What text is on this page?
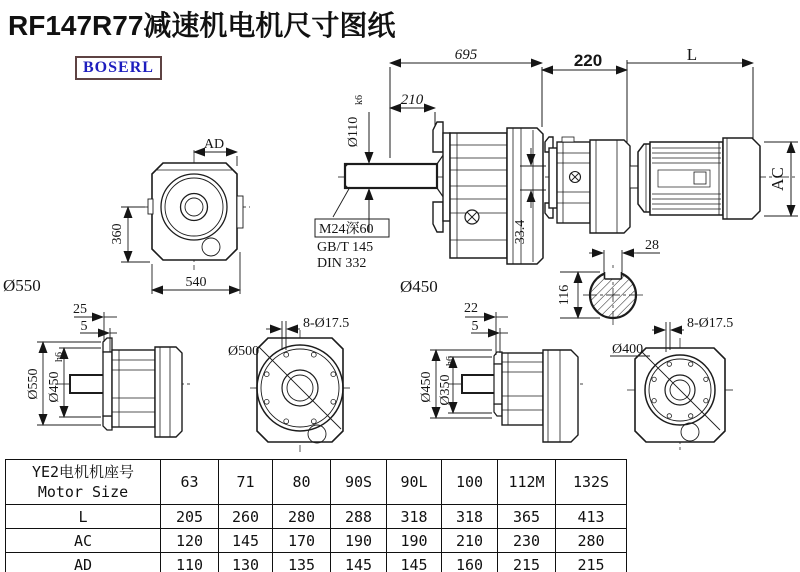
RF147R77减速机电机尺寸图纸
BOSERL
695	220	L
210
Ø110
k6
M24深60
GB/T 145
DIN 332
33.4
Ø450
28
116
AC
AD
360
540
Ø550
25
5
Ø550 Ø450
h6
8-Ø17.5
Ø500
22
5
Ø450 Ø350
h6
8-Ø17.5
Ø400
YE2电机机座号
Motor Size	63	71	80	90S	90L	100	112M	132S
L	205	260	280	288	318	318	365	413
AC	120	145	170	190	190	210	230	280
AD	110	130	135	145	145	160	215	215
